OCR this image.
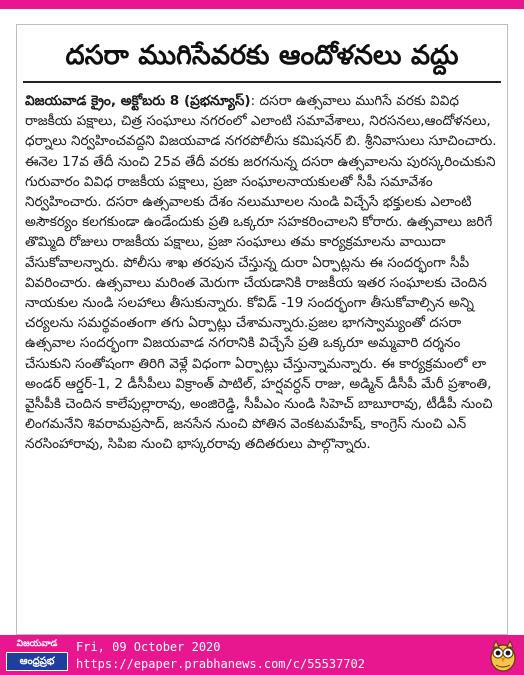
దసరా ముగిసేవరకు ఆందోళనలు వద్దు

విజయవాడ క్రైం, అక్టోబరు 8 (ప్రభన్యూస్): దసరా ఉత్సవాలు ముగిసే వరకు వివిధ రాజకీయ పక్షాలు, చిత్ర సంఘాలు నగరంలో ఎలాంటి సమావేశాలు, నిరసనలు,ఆందోళనలు, ధర్నాలు నిర్వహించవద్దని విజయవాడ నగరపోలీసు కమిషనర్ బి. శ్రీనివాసులు సూచించారు. ఈనెల 17వ తేదీ నుంచి 25వ తేదీ వరకు జరగనున్న దసరా ఉత్సవాలను పురస్కరించుకుని గురువారం వివిధ రాజకీయ పక్షాలు, ప్రజా సంఘాలనాయకులతో సీపీ సమావేశం నిర్వహించారు. దసరా ఉత్సవాలకు దేశం నలుమూలల నుండి విచ్చేసే భక్తులకు ఎలాంటి అసౌకర్యం కలగకుండా ఉండేందుకు ప్రతి ఒక్కరూ సహకరించాలని కోరారు. ఉత్సవాలు జరిగే తొమ్మిది రోజులు రాజకీయ పక్షాలు, ప్రజా సంఘాలు తమ కార్యక్రమాలను వాయిదా వేసుకోవాలన్నారు. పోలీసు శాఖ తరపున చేస్తున్న దురా ఏర్పాట్లను ఈ సందర్భంగా సీపీ వివరించారు. ఉత్సవాలు మరింత మెరుగా చేయడానికి రాజకీయ ఇతర సంఘాలకు చెందిన నాయకుల నుండి సలహాలు తీసుకున్నారు. కోవిడ్ -19 సందర్భంగా తీసుకోవాల్సిన అన్ని చర్యలను సమర్థవంతంగా తగు ఏర్పాట్లు చేశామన్నారు.ప్రజల భాగస్వామ్యంతో దసరా ఉత్సవాల సందర్భంగా విజయవాడ నగరానికి విచ్చేసే ప్రతి ఒక్కరూ అమ్మవారి దర్శనం చేసుకుని సంతోషంగా తిరిగి వెళ్లే విధంగా ఏర్పాట్లు చేస్తున్నామన్నారు. ఈ కార్యక్రమంలో లా అండర్ ఆర్డర్-1, 2 డీసీపీలు విక్రాంత్ పాటిల్, హర్షవర్ధన్ రాజు, అడ్మిన్ డీసీపీ మేరీ ప్రశాంతి, వైసీపీకి చెందిన కాలేపుల్లారావు, అంజిరెడ్డి, సీపీఎం నుండి సిహెచ్ బాబూరావు, టీడీపీ నుంచి లింగమనేని శివరామప్రసాద్, జనసేన నుంచి పోతిన వెంకటమహేష్, కాంగ్రెస్ నుంచి ఎన్ నరసింహారావు, సిపిఐ నుంచి భాస్కరరావు తదితరులు పాల్గొన్నారు.

విజయవాడ
ఆంధ్రప్రభ
Fri, 09 October 2020
https://epaper.prabhanews.com/c/55537702
